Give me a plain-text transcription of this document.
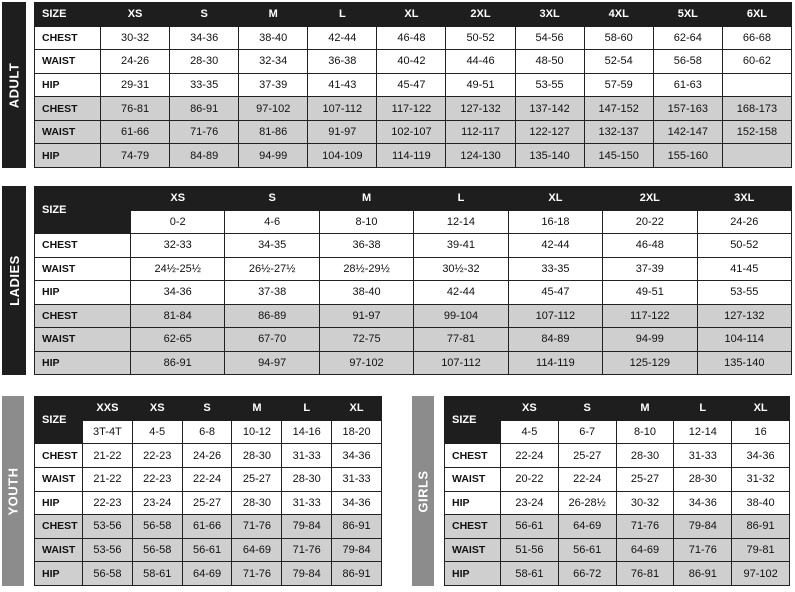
ADULT
SIZE	XS	S	M	L	XL	2XL	3XL	4XL	5XL	6XL
CHEST	30-32	34-36	38-40	42-44	46-48	50-52	54-56	58-60	62-64	66-68
WAIST	24-26	28-30	32-34	36-38	40-42	44-46	48-50	52-54	56-58	60-62
HIP	29-31	33-35	37-39	41-43	45-47	49-51	53-55	57-59	61-63	
CHEST	76-81	86-91	97-102	107-112	117-122	127-132	137-142	147-152	157-163	168-173
WAIST	61-66	71-76	81-86	91-97	102-107	112-117	122-127	132-137	142-147	152-158
HIP	74-79	84-89	94-99	104-109	114-119	124-130	135-140	145-150	155-160	
LADIES
SIZE	XS	S	M	L	XL	2XL	3XL
	0-2	4-6	8-10	12-14	16-18	20-22	24-26
CHEST	32-33	34-35	36-38	39-41	42-44	46-48	50-52
WAIST	24½-25½	26½-27½	28½-29½	30½-32	33-35	37-39	41-45
HIP	34-36	37-38	38-40	42-44	45-47	49-51	53-55
CHEST	81-84	86-89	91-97	99-104	107-112	117-122	127-132
WAIST	62-65	67-70	72-75	77-81	84-89	94-99	104-114
HIP	86-91	94-97	97-102	107-112	114-119	125-129	135-140
YOUTH
SIZE	XXS	XS	S	M	L	XL
	3T-4T	4-5	6-8	10-12	14-16	18-20
CHEST	21-22	22-23	24-26	28-30	31-33	34-36
WAIST	21-22	22-23	22-24	25-27	28-30	31-33
HIP	22-23	23-24	25-27	28-30	31-33	34-36
CHEST	53-56	56-58	61-66	71-76	79-84	86-91
WAIST	53-56	56-58	56-61	64-69	71-76	79-84
HIP	56-58	58-61	64-69	71-76	79-84	86-91
GIRLS
SIZE	XS	S	M	L	XL
	4-5	6-7	8-10	12-14	16
CHEST	22-24	25-27	28-30	31-33	34-36
WAIST	20-22	22-24	25-27	28-30	31-32
HIP	23-24	26-28½	30-32	34-36	38-40
CHEST	56-61	64-69	71-76	79-84	86-91
WAIST	51-56	56-61	64-69	71-76	79-81
HIP	58-61	66-72	76-81	86-91	97-102
